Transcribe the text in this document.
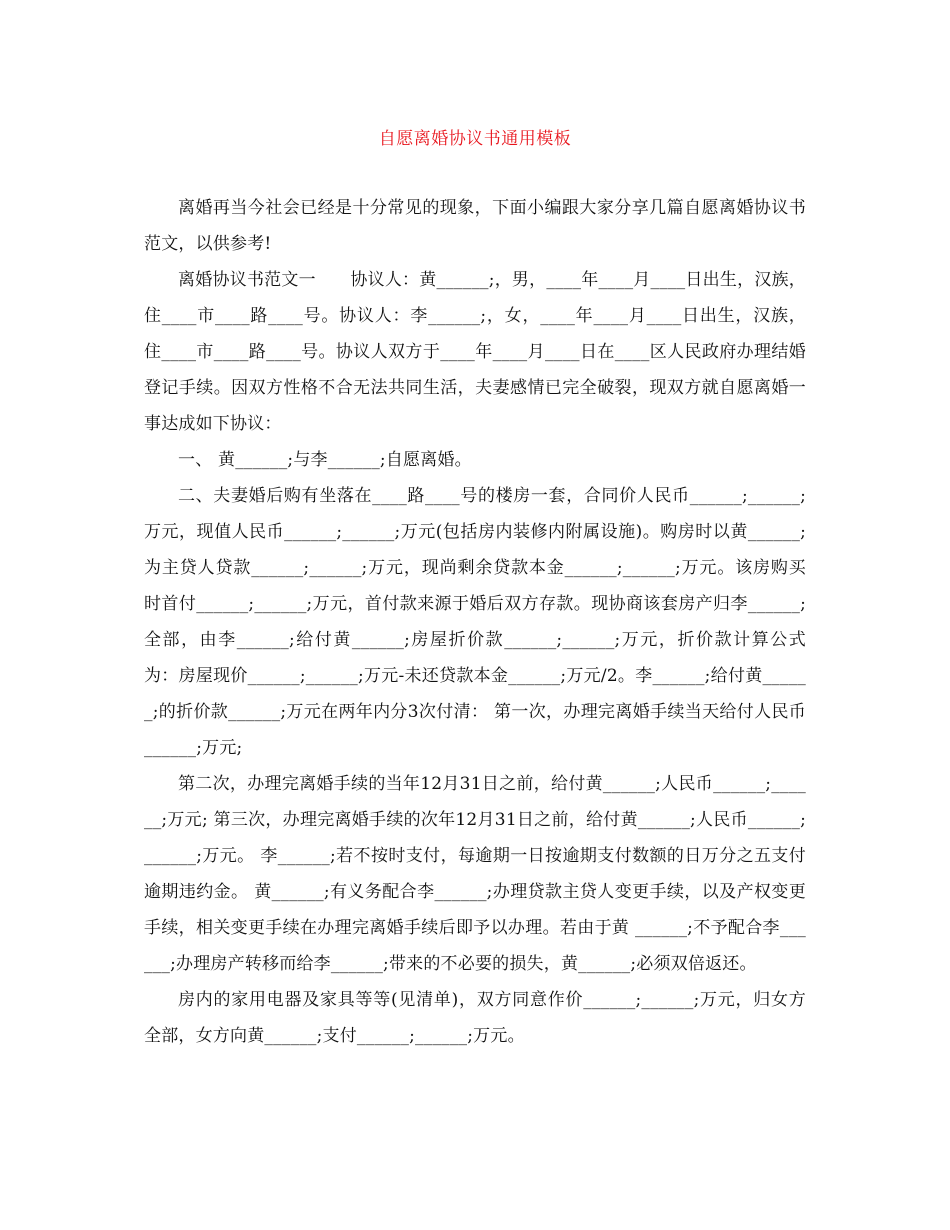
自愿离婚协议书通用模板

离婚再当今社会已经是十分常见的现象，下面小编跟大家分享几篇自愿离婚协议书范文，以供参考!

离婚协议书范文一　　协议人：黄______;，男，____年____月____日出生，汉族，住____市____路____号。协议人：李______;，女，____年____月____日出生，汉族，住____市____路____号。协议人双方于____年____月____日在____区人民政府办理结婚登记手续。因双方性格不合无法共同生活，夫妻感情已完全破裂，现双方就自愿离婚一事达成如下协议：

一、 黄______;与李______;自愿离婚。

二、夫妻婚后购有坐落在____路____号的楼房一套，合同价人民币______;______;万元，现值人民币______;______;万元(包括房内装修内附属设施)。购房时以黄______;为主贷人贷款______;______;万元，现尚剩余贷款本金______;______;万元。该房购买时首付______;______;万元，首付款来源于婚后双方存款。现协商该套房产归李______;全部，由李______;给付黄______;房屋折价款______;______;万元，折价款计算公式为：房屋现价______;______;万元-未还贷款本金______;万元/2。李______;给付黄______;的折价款______;万元在两年内分3次付清： 第一次，办理完离婚手续当天给付人民币______;万元;

第二次，办理完离婚手续的当年12月31日之前，给付黄______;人民币______;______;万元; 第三次，办理完离婚手续的次年12月31日之前，给付黄______;人民币______;______;万元。 李______;若不按时支付，每逾期一日按逾期支付数额的日万分之五支付逾期违约金。 黄______;有义务配合李______;办理贷款主贷人变更手续，以及产权变更手续，相关变更手续在办理完离婚手续后即予以办理。若由于黄 ______;不予配合李______;办理房产转移而给李______;带来的不必要的损失，黄______;必须双倍返还。

房内的家用电器及家具等等(见清单)，双方同意作价______;______;万元，归女方全部，女方向黄______;支付______;______;万元。
